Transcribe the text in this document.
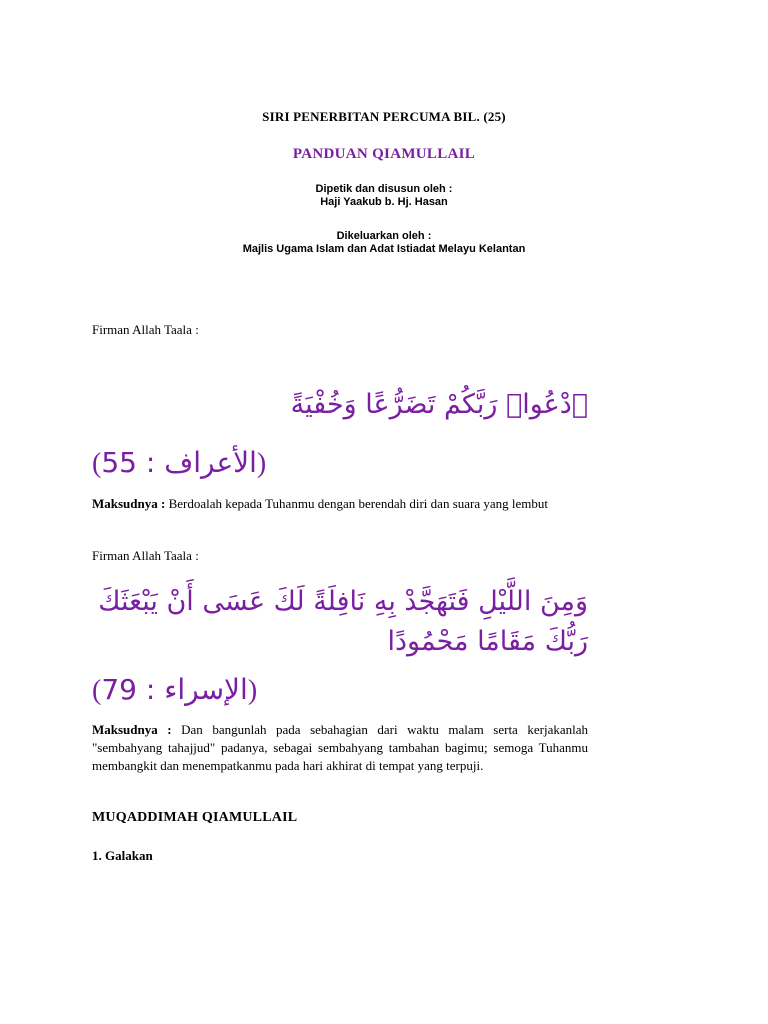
SIRI PENERBITAN PERCUMA BIL. (25)

PANDUAN QIAMULLAIL

Dipetik dan disusun oleh :
Haji Yaakub b. Hj. Hasan
Dikeluarkan oleh :
Majlis Ugama Islam dan Adat Istiadat Melayu Kelantan

Firman Allah Taala :

ٱدْعُوا۟ رَبَّكُمْ تَضَرُّعًا وَخُفْيَةً
(55 : الأعراف)

Maksudnya : Berdoalah kepada Tuhanmu dengan berendah diri dan suara yang lembut

Firman Allah Taala :

وَمِنَ اللَّيْلِ فَتَهَجَّدْ بِهِ نَافِلَةً لَكَ عَسَى أَنْ يَبْعَثَكَ رَبُّكَ مَقَامًا مَحْمُودًا
(79 : الإسراء)

Maksudnya : Dan bangunlah pada sebahagian dari waktu malam serta kerjakanlah "sembahyang tahajjud" padanya, sebagai sembahyang tambahan bagimu; semoga Tuhanmu membangkit dan menempatkanmu pada hari akhirat di tempat yang terpuji.

MUQADDIMAH QIAMULLAIL

1. Galakan
